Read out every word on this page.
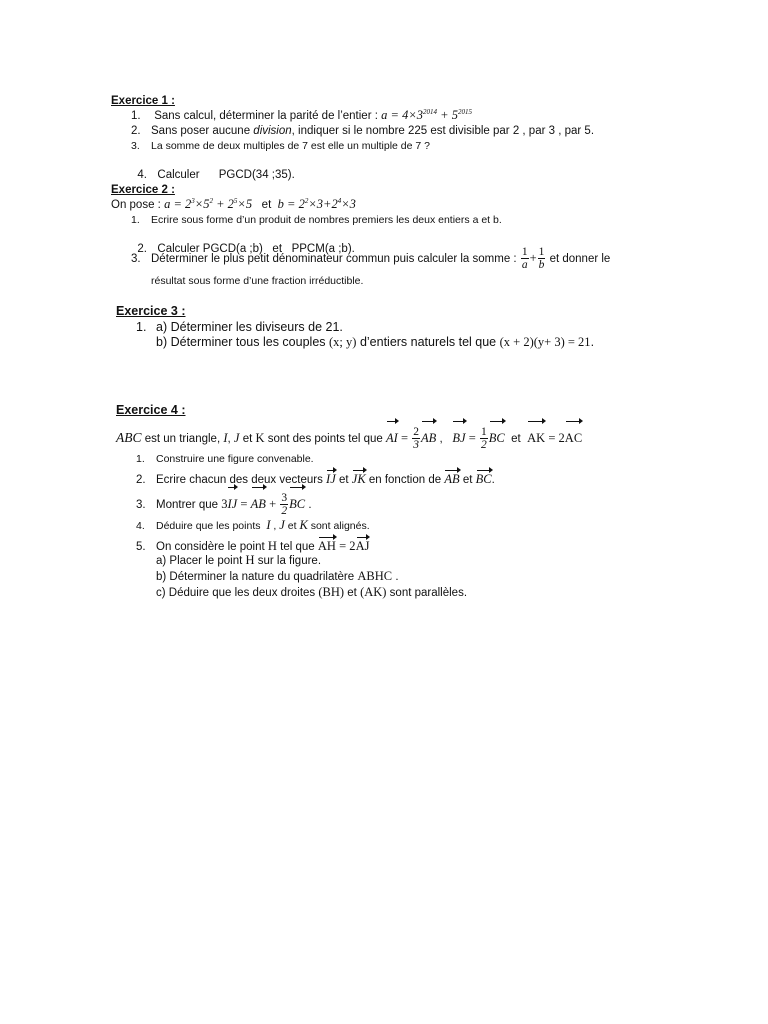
Exercice 1 :
1. Sans calcul, déterminer la parité de l’entier : $a = 4\times 3^{2014} + 5^{2015}$
2. Sans poser aucune division, indiquer si le nombre 225 est divisible par 2 , par 3 , par 5.
3. La somme de deux multiples de 7 est elle un multiple de 7 ?

4. Calculer      PGCD(34 ;35).

Exercice 2 :
On pose : $a = 2^3\times 5^2 + 2^5\times 5$ et $b = 2^2\times 3+2^4\times 3$
1. Ecrire sous forme d’un produit de nombres premiers les deux entiers a et b.

2. Calculer PGCD(a ;b)   et   PPCM(a ;b).

3. Déterminer le plus petit dénominateur commun puis calculer la somme : $\frac{1}{a} + \frac{1}{b}$ et donner le
résultat sous forme d’une fraction irréductible.
Exercice 3 :
1. a) Déterminer les diviseurs de 21.
b) Déterminer tous les couples (x; y) d’entiers naturels tel que (x + 2)(y+ 3) = 21.
Exercice 4 :
ABC est un triangle, I, J et K sont des points tel que AI = $\frac{2}{3}$ AB , BJ = $\frac{1}{2}$ BC et AK = 2AC
1. Construire une figure convenable.
2. Ecrire chacun des deux vecteurs IJ et JK en fonction de AB et BC.
3. Montrer que 3IJ = AB + $\frac{3}{2}$ BC .
4. Déduire que les points I , J et K sont alignés.
5. On considère le point H tel que AH = 2AJ
a) Placer le point H sur la figure.
b) Déterminer la nature du quadrilatère ABHC .
c) Déduire que les deux droites (BH) et (AK) sont parallèles.
